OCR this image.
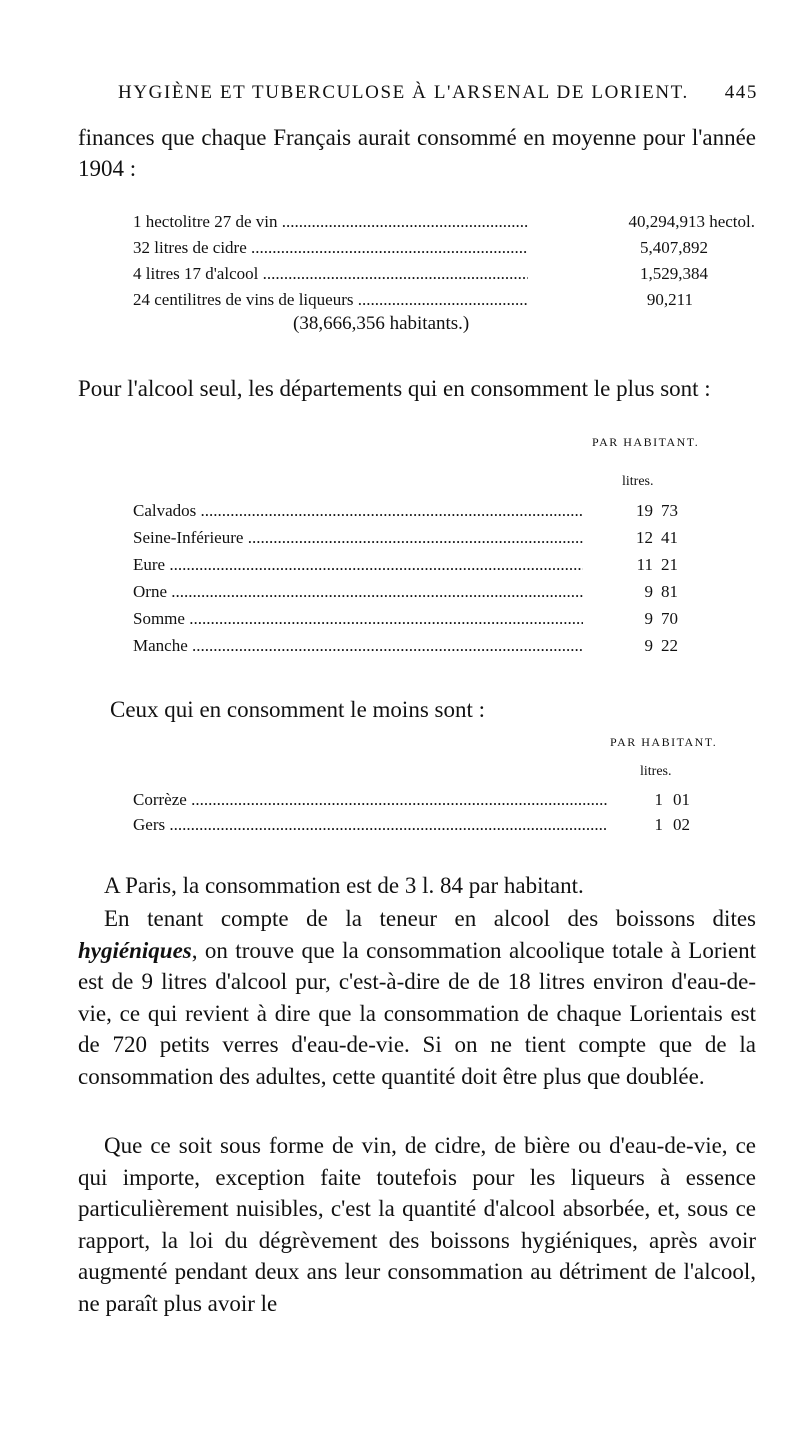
HYGIÈNE ET TUBERCULOSE À L'ARSENAL DE LORIENT. 445
finances que chaque Français aurait consommé en moyenne pour l'année 1904 :
1 hectolitre 27 de vin .....	40,294,913 hectol.
32 litres de cidre .....	5,407,892
4 litres 17 d'alcool .....	1,529,384
24 centilitres de vins de liqueurs .....	90,211
(38,666,356 habitants.)
Pour l'alcool seul, les départements qui en consomment le plus sont :
PAR HABITANT.
litres.
Calvados .....	19 73
Seine-Inférieure .....	12 41
Eure .....	11 21
Orne .....	9 81
Somme .....	9 70
Manche .....	9 22
Ceux qui en consomment le moins sont :
PAR HABITANT.
litres.
Corrèze .....	1 01
Gers .....	1 02
A Paris, la consommation est de 3 l. 84 par habitant.
En tenant compte de la teneur en alcool des boissons dites hygiéniques, on trouve que la consommation alcoolique totale à Lorient est de 9 litres d'alcool pur, c'est-à-dire de de 18 litres environ d'eau-de-vie, ce qui revient à dire que la consommation de chaque Lorientais est de 720 petits verres d'eau-de-vie. Si on ne tient compte que de la consommation des adultes, cette quantité doit être plus que doublée.
Que ce soit sous forme de vin, de cidre, de bière ou d'eau-de-vie, ce qui importe, exception faite toutefois pour les liqueurs à essence particulièrement nuisibles, c'est la quantité d'alcool absorbée, et, sous ce rapport, la loi du dégrèvement des boissons hygiéniques, après avoir augmenté pendant deux ans leur consommation au détriment de l'alcool, ne paraît plus avoir le
